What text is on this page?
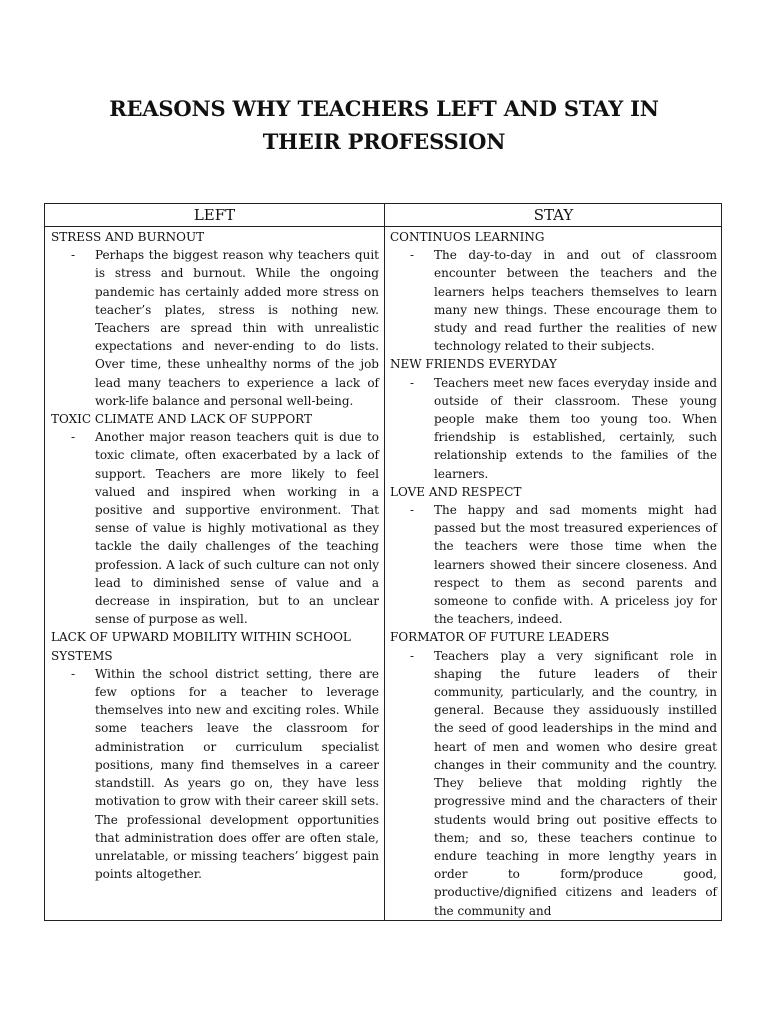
REASONS WHY TEACHERS LEFT AND STAY IN
THEIR PROFESSION
LEFT	STAY

STRESS AND BURNOUT

- Perhaps the biggest reason why teachers quit is stress and burnout. While the ongoing pandemic has certainly added more stress on teacher’s plates, stress is nothing new. Teachers are spread thin with unrealistic expectations and never-ending to do lists. Over time, these unhealthy norms of the job lead many teachers to experience a lack of work-life balance and personal well-being.

TOXIC CLIMATE AND LACK OF SUPPORT

- Another major reason teachers quit is due to toxic climate, often exacerbated by a lack of support. Teachers are more likely to feel valued and inspired when working in a positive and supportive environment. That sense of value is highly motivational as they tackle the daily challenges of the teaching profession. A lack of such culture can not only lead to diminished sense of value and a decrease in inspiration, but to an unclear sense of purpose as well.

LACK OF UPWARD MOBILITY WITHIN SCHOOL SYSTEMS

- Within the school district setting, there are few options for a teacher to leverage themselves into new and exciting roles. While some teachers leave the classroom for administration or curriculum specialist positions, many find themselves in a career standstill. As years go on, they have less motivation to grow with their career skill sets. The professional development opportunities that administration does offer are often stale, unrelatable, or missing teachers’ biggest pain points altogether.

CONTINUOS LEARNING

- The day-to-day in and out of classroom encounter between the teachers and the learners helps teachers themselves to learn many new things. These encourage them to study and read further the realities of new technology related to their subjects.

NEW FRIENDS EVERYDAY

- Teachers meet new faces everyday inside and outside of their classroom. These young people make them too young too. When friendship is established, certainly, such relationship extends to the families of the learners.

LOVE AND RESPECT

- The happy and sad moments might had passed but the most treasured experiences of the teachers were those time when the learners showed their sincere closeness. And respect to them as second parents and someone to confide with. A priceless joy for the teachers, indeed.

FORMATOR OF FUTURE LEADERS

- Teachers play a very significant role in shaping the future leaders of their community, particularly, and the country, in general. Because they assiduously instilled the seed of good leaderships in the mind and heart of men and women who desire great changes in their community and the country. They believe that molding rightly the progressive mind and the characters of their students would bring out positive effects to them; and so, these teachers continue to endure teaching in more lengthy years in order to form/produce good, productive/dignified citizens and leaders of the community and
